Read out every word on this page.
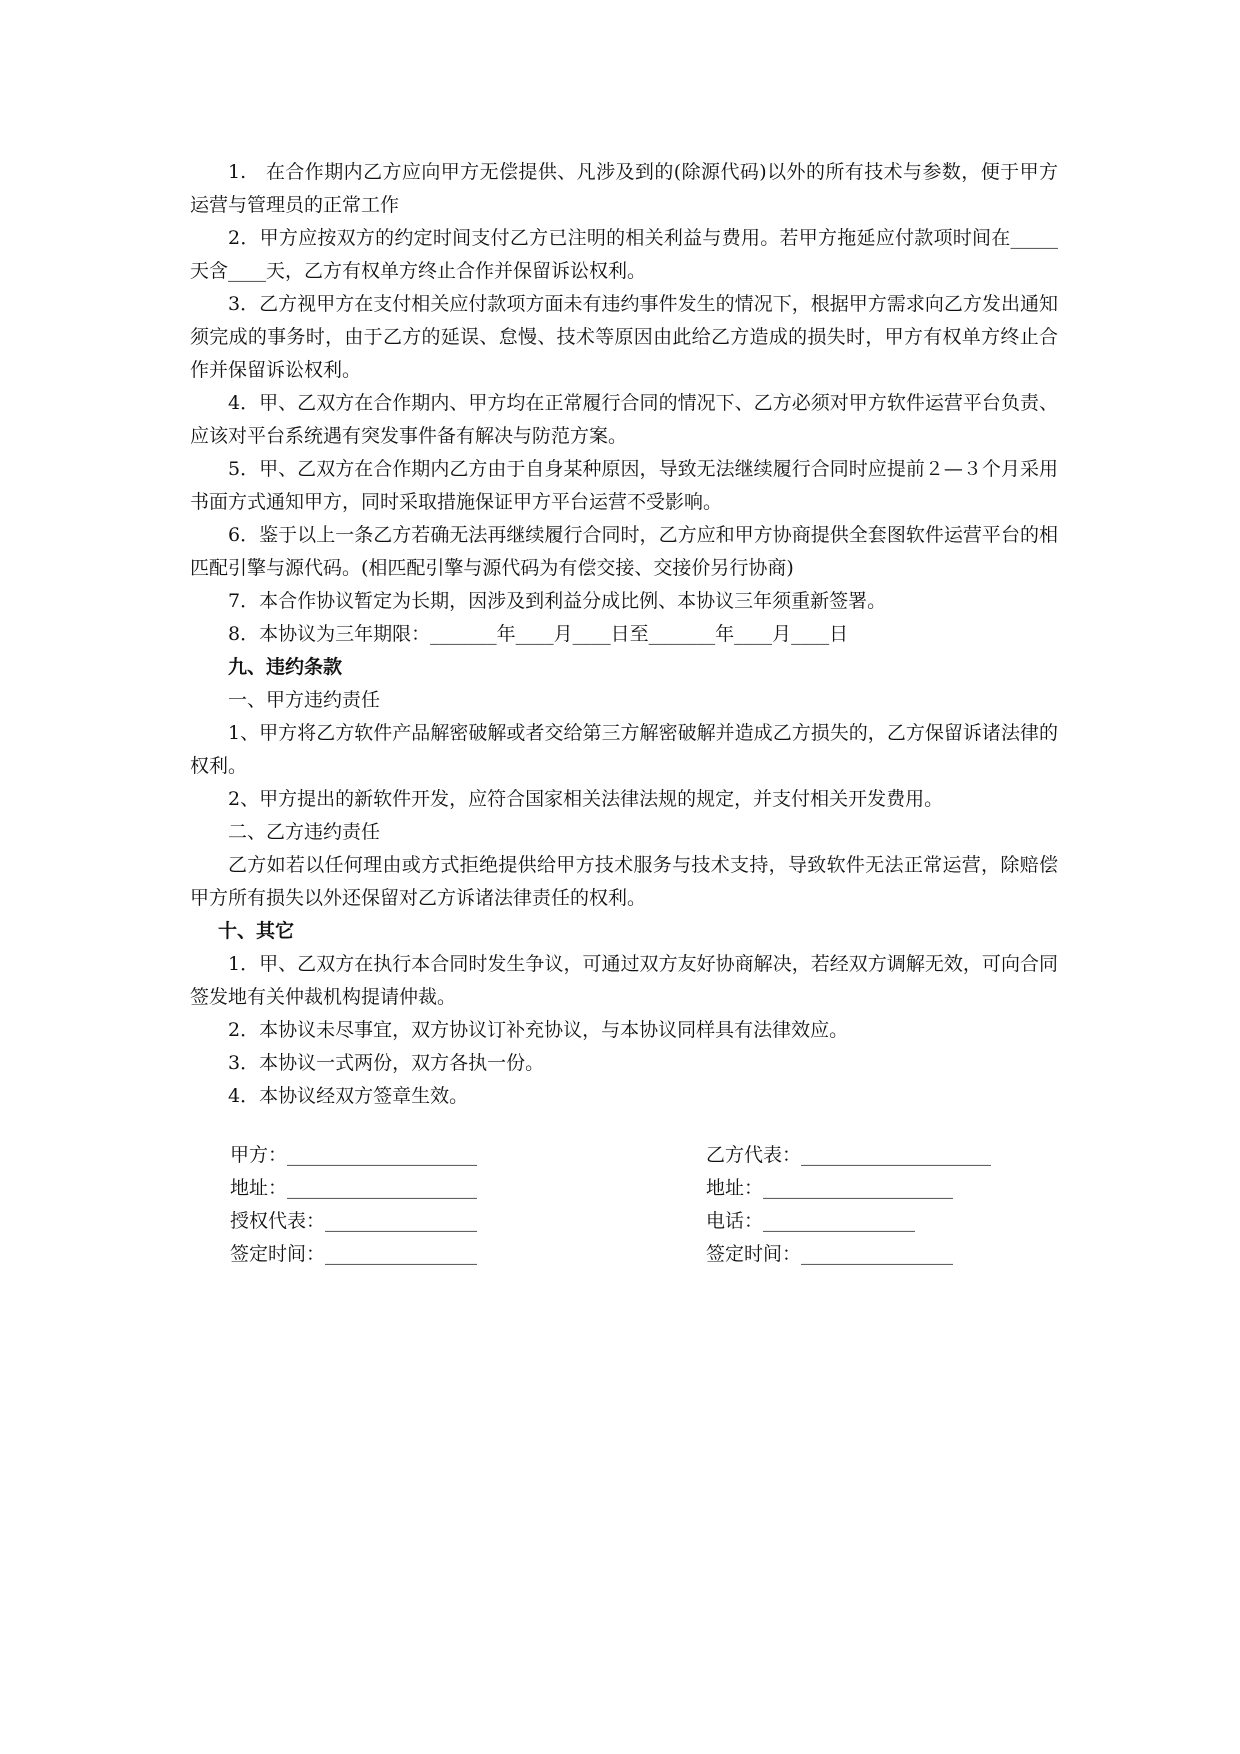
1.　在合作期内乙方应向甲方无偿提供、凡涉及到的(除源代码)以外的所有技术与参数，便于甲方运营与管理员的正常工作

2．甲方应按双方的约定时间支付乙方已注明的相关利益与费用。若甲方拖延应付款项时间在_____天含____天，乙方有权单方终止合作并保留诉讼权利。

3．乙方视甲方在支付相关应付款项方面未有违约事件发生的情况下，根据甲方需求向乙方发出通知须完成的事务时，由于乙方的延误、怠慢、技术等原因由此给乙方造成的损失时，甲方有权单方终止合作并保留诉讼权利。

4．甲、乙双方在合作期内、甲方均在正常履行合同的情况下、乙方必须对甲方软件运营平台负责、 应该对平台系统遇有突发事件备有解决与防范方案。

5．甲、乙双方在合作期内乙方由于自身某种原因，导致无法继续履行合同时应提前２—３个月采用书面方式通知甲方，同时采取措施保证甲方平台运营不受影响。

6．鉴于以上一条乙方若确无法再继续履行合同时，乙方应和甲方协商提供全套图软件运营平台的相匹配引擎与源代码。(相匹配引擎与源代码为有偿交接、交接价另行协商)

7．本合作协议暂定为长期，因涉及到利益分成比例、本协议三年须重新签署。

8．本协议为三年期限：_______年____月____日至_______年____月____日

九、违约条款

一、甲方违约责任

1、甲方将乙方软件产品解密破解或者交给第三方解密破解并造成乙方损失的，乙方保留诉诸法律的权利。

2、甲方提出的新软件开发，应符合国家相关法律法规的规定，并支付相关开发费用。

二、乙方违约责任

乙方如若以任何理由或方式拒绝提供给甲方技术服务与技术支持，导致软件无法正常运营，除赔偿甲方所有损失以外还保留对乙方诉诸法律责任的权利。

十、其它

1．甲、乙双方在执行本合同时发生争议，可通过双方友好协商解决，若经双方调解无效，可向合同签发地有关仲裁机构提请仲裁。

2．本协议未尽事宜，双方协议订补充协议，与本协议同样具有法律效应。

3．本协议一式两份，双方各执一份。

4．本协议经双方签章生效。

甲方：____________________	乙方代表：____________________
地址：____________________	地址：____________________
授权代表：________________	电话：________________
签定时间：________________	签定时间：________________
